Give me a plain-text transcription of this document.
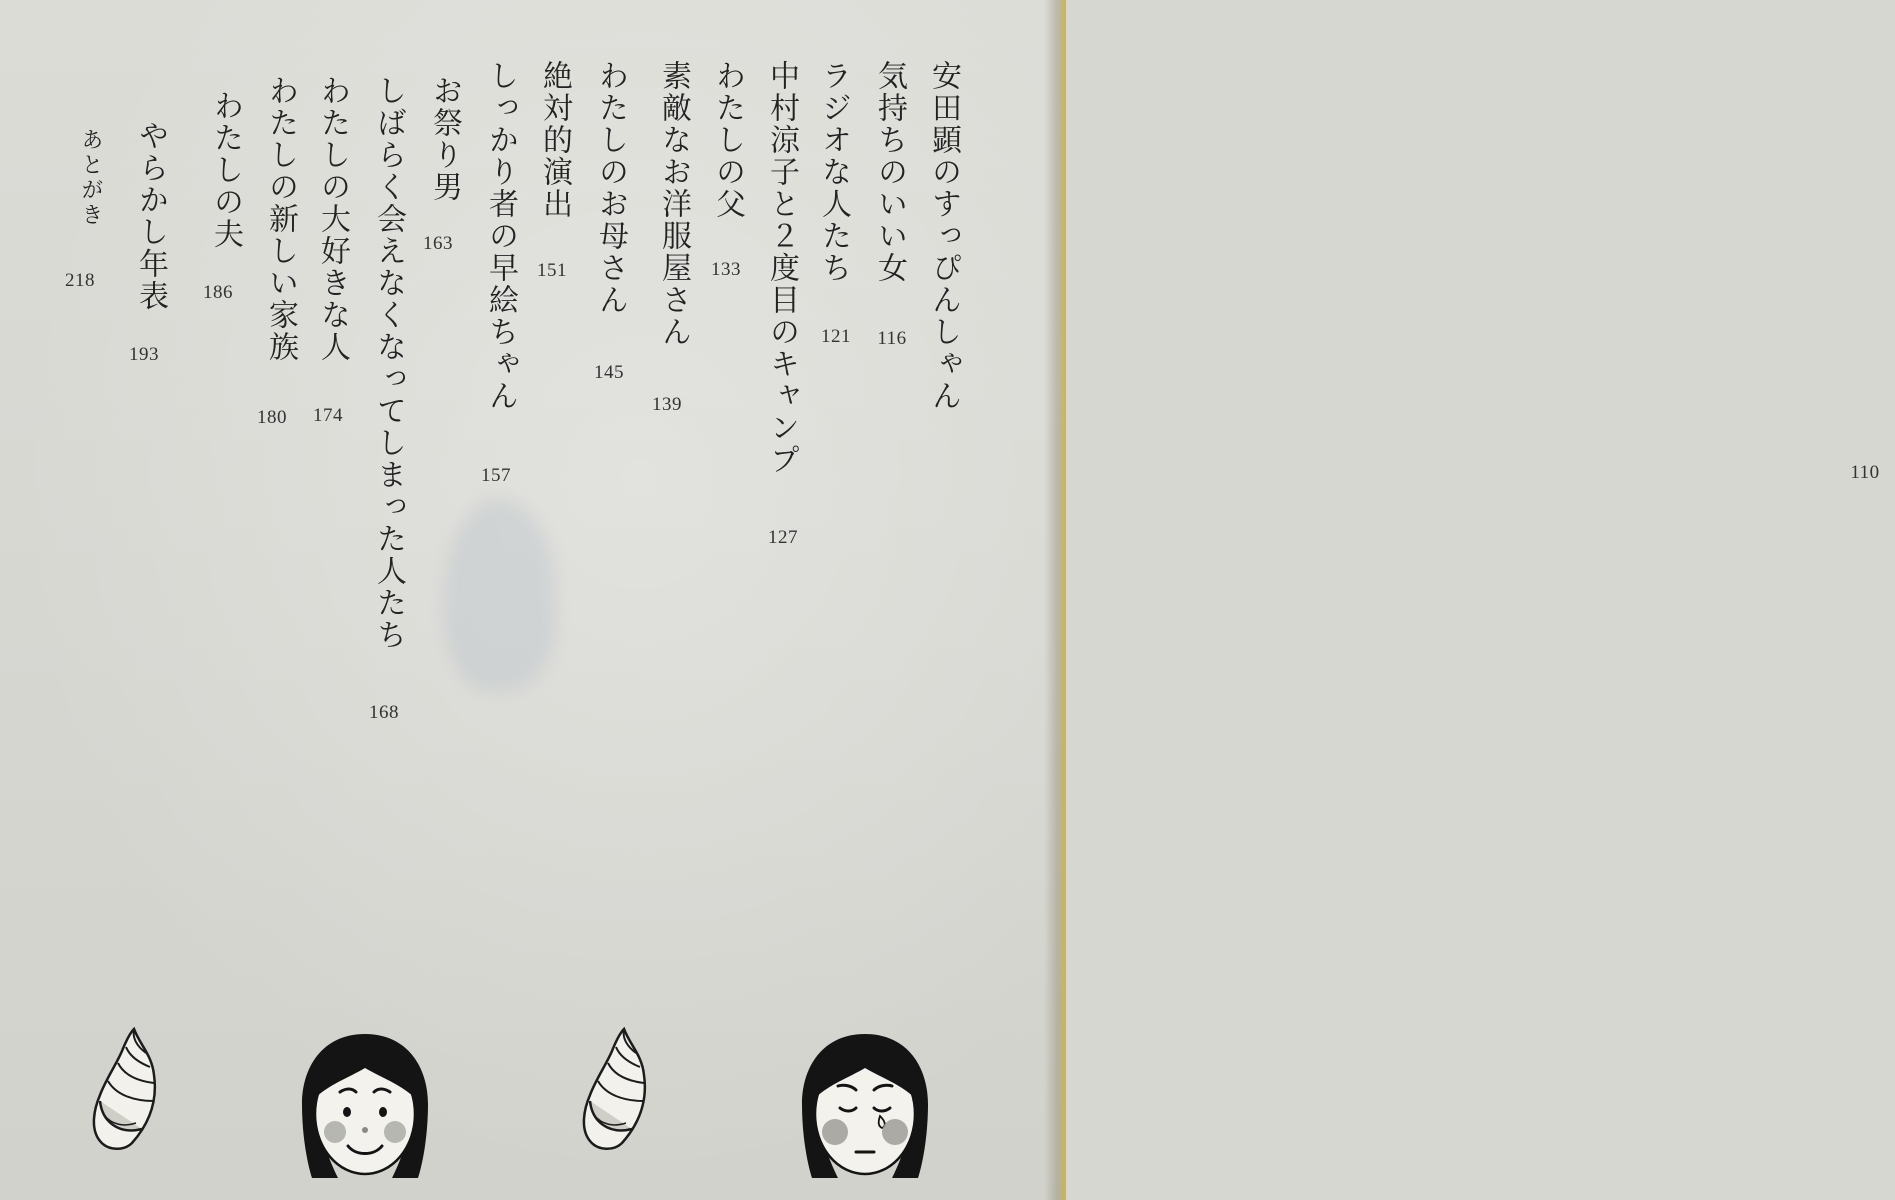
安田顕のすっぴんしゃん
110
気持ちのいい女
ラジオな人たち
中村涼子と２度目のキャンプ
わたしの父
素敵なお洋服屋さん
わたしのお母さん
絶対的演出
しっかり者の早絵ちゃん
お祭り男
しばらく会えなくなってしまった人たち
わたしの大好きな人
わたしの新しい家族
わたしの夫
やらかし年表
あとがき
116
121
127
133
139
145
151
157
163
168
174
180
186
193
218
